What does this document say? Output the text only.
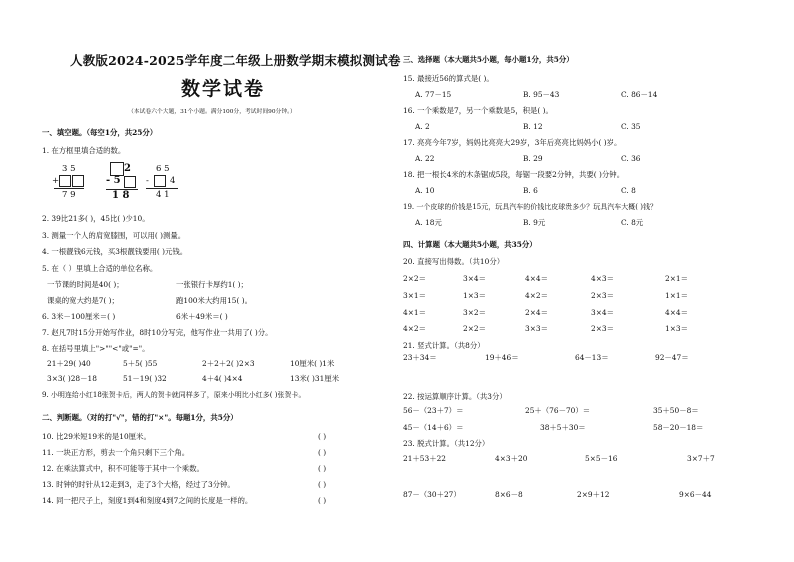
人教版2024-2025学年度二年级上册数学期末模拟测试卷
数学试卷
（本试卷六个大题，31个小题。满分100分，考试时间90分钟。）
一、填空题。（每空1分，共25分）
1. 在方框里填合适的数。
3 5
+
7 9
2
- 5
1 8
6 5
- 4
4 1
2. 39比21多( )，45比( )少10。
3. 测量一个人的肩宽膝围，可以用( )测量。
4. 一根靓钱6元钱，买3根靓钱要用( )元钱。
5. 在（ ）里填上合适的单位名称。
一节课的时间是40( )；	一张银行卡厚约1( )；
课桌的宽大约是7( )；	跑100米大约用15( )。
6. 3米－100厘米＝( )	6米＋49米＝( )
7. 赵凡7时15分开始写作业，8时10分写完，他写作业一共用了( )分。
8. 在括号里填上">""<"或"="。
21＋29( )40	5＋5( )55	2＋2＋2( )2×3	10厘米( )1米
3×3( )28－18	51－19( )32	4＋4( )4×4	13米( )31厘米
9. 小明连给小红18张贺卡后，两人的贺卡就同样多了，原来小明比小红多( )张贺卡。
二、判断题。（对的打"√"，错的打"×"。每题1分，共5分）
10. 比29米短19米的是10厘米。	( )
11. 一块正方形，剪去一个角只剩下三个角。	( )
12. 在乘法算式中，积不可能等于其中一个乘数。	( )
13. 时钟的时针从12走到3，走了3个大格，经过了3分钟。	( )
14. 同一把尺子上，刻度1到4和刻度4到7之间的长度是一样的。	( )
三、选择题（本大题共5小题，每小题1分，共5分）
15. 最接近56的算式是( )。
A. 77－15	B. 95－43	C. 86－14
16. 一个乘数是7，另一个乘数是5，积是( )。
A. 2	B. 12	C. 35
17. 亮亮今年7岁，妈妈比亮亮大29岁，3年后亮亮比妈妈小( )岁。
A. 22	B. 29	C. 36
18. 把一根长4米的木条锯成5段，每锯一段要2分钟，共要( )分钟。
A. 10	B. 6	C. 8
19. 一个皮球的价钱是15元，玩具汽车的价钱比皮球贵多少？玩具汽车大概( )钱？
A. 18元	B. 9元	C. 8元
四、计算题（本大题共5小题，共35分）
20. 直接写出得数。（共10分）
2×2＝	3×4＝	4×4＝	4×3＝	2×1＝
3×1＝	1×3＝	4×2＝	2×3＝	1×1＝
4×1＝	3×2＝	2×4＝	3×4＝	4×4＝
4×2＝	2×2＝	3×3＝	2×3＝	1×3＝
21. 竖式计算。（共8分）
23＋34＝	19＋46＝	64－13＝	92－47＝
22. 按运算顺序计算。（共3分）
56－（23＋7）＝	25＋（76－70）＝	35＋50－8＝
45－（14＋6）＝	38＋5＋30＝	58－20－18＝
23. 脱式计算。（共12分）
21＋53＋22	4×3＋20	5×5－16	3×7＋7
87－（30＋27）	8×6－8	2×9＋12	9×6－44
